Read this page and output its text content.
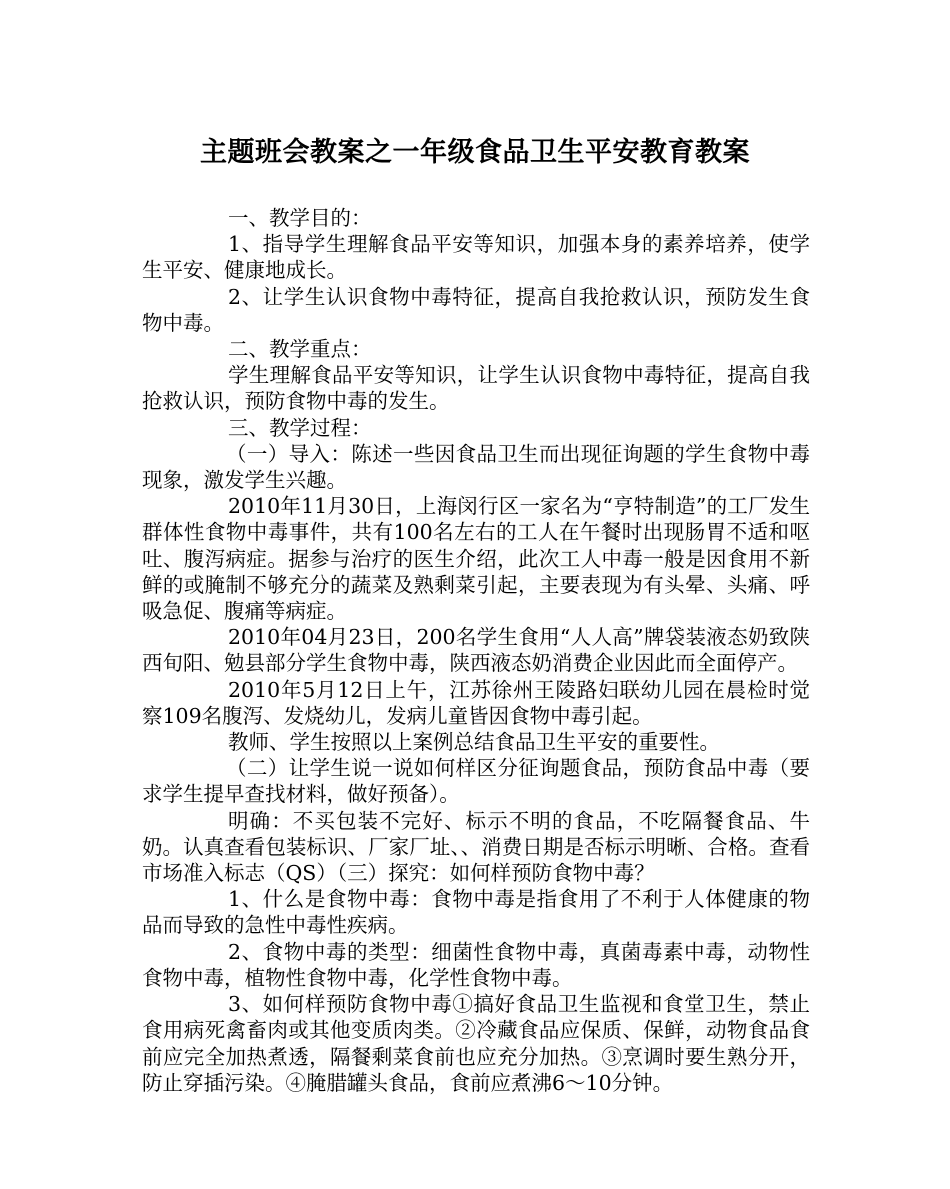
主题班会教案之一年级食品卫生平安教育教案

一、教学目的：

1、指导学生理解食品平安等知识，加强本身的素养培养，使学生平安、健康地成长。

2、让学生认识食物中毒特征，提高自我抢救认识，预防发生食物中毒。

二、教学重点：

学生理解食品平安等知识，让学生认识食物中毒特征，提高自我抢救认识，预防食物中毒的发生。

三、教学过程：

（一）导入：陈述一些因食品卫生而出现征询题的学生食物中毒现象，激发学生兴趣。

2010年11月30日，上海闵行区一家名为“亨特制造”的工厂发生群体性食物中毒事件，共有100名左右的工人在午餐时出现肠胃不适和呕吐、腹泻病症。据参与治疗的医生介绍，此次工人中毒一般是因食用不新鲜的或腌制不够充分的蔬菜及熟剩菜引起，主要表现为有头晕、头痛、呼吸急促、腹痛等病症。

2010年04月23日，200名学生食用“人人高”牌袋装液态奶致陕西旬阳、勉县部分学生食物中毒，陕西液态奶消费企业因此而全面停产。

2010年5月12日上午，江苏徐州王陵路妇联幼儿园在晨检时觉察109名腹泻、发烧幼儿，发病儿童皆因食物中毒引起。

教师、学生按照以上案例总结食品卫生平安的重要性。

（二）让学生说一说如何样区分征询题食品，预防食品中毒（要求学生提早查找材料，做好预备）。

明确：不买包装不完好、标示不明的食品，不吃隔餐食品、牛奶。认真查看包装标识、厂家厂址、、消费日期是否标示明晰、合格。查看市场准入标志（QS）（三）探究：如何样预防食物中毒？

1、什么是食物中毒：食物中毒是指食用了不利于人体健康的物品而导致的急性中毒性疾病。

2、食物中毒的类型：细菌性食物中毒，真菌毒素中毒，动物性食物中毒，植物性食物中毒，化学性食物中毒。

3、如何样预防食物中毒①搞好食品卫生监视和食堂卫生，禁止食用病死禽畜肉或其他变质肉类。②冷藏食品应保质、保鲜，动物食品食前应完全加热煮透，隔餐剩菜食前也应充分加热。③烹调时要生熟分开，防止穿插污染。④腌腊罐头食品，食前应煮沸6～10分钟。
